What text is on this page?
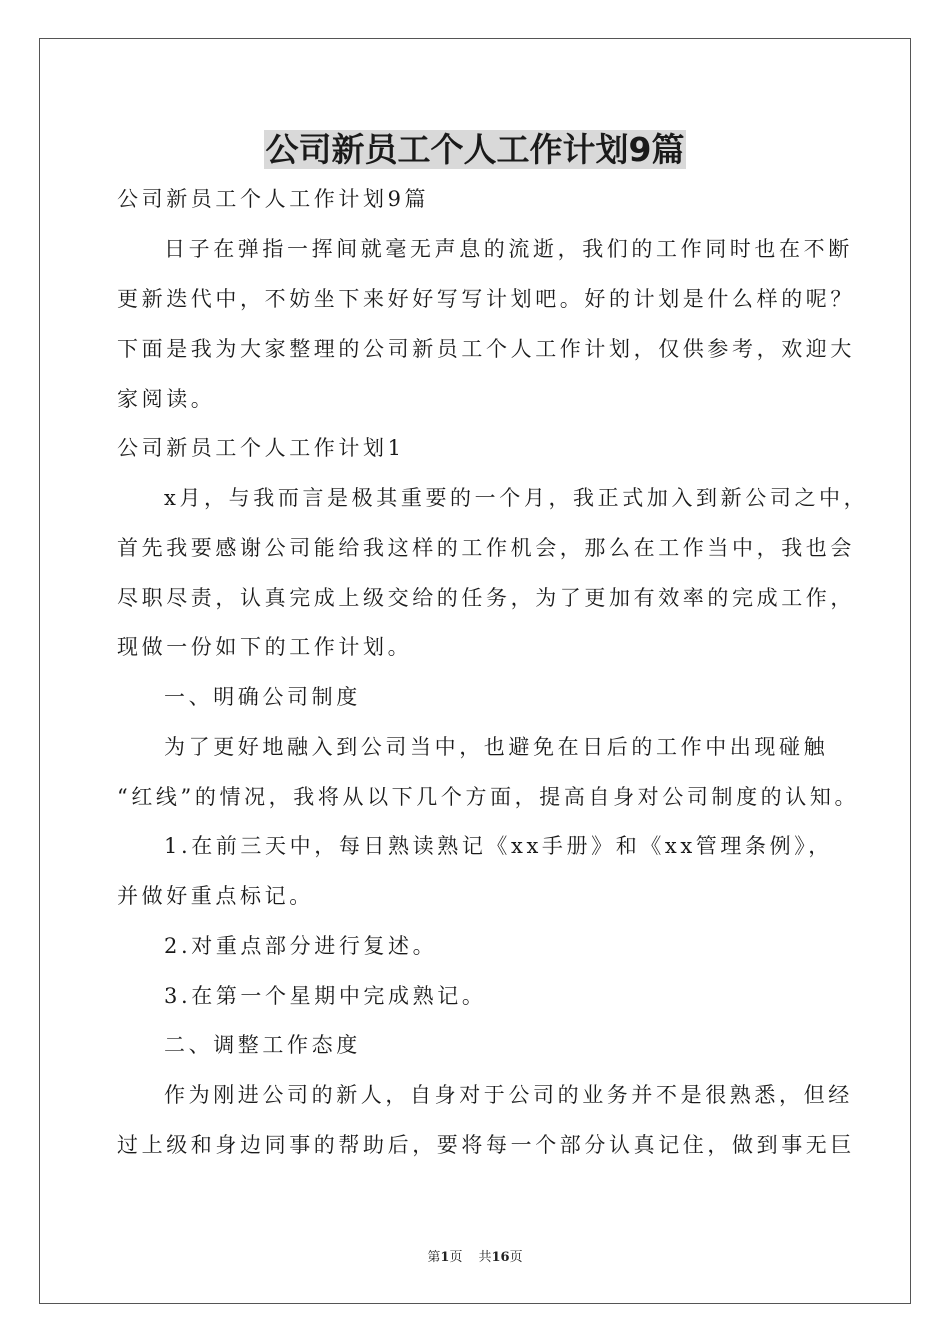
公司新员工个人工作计划9篇
公司新员工个人工作计划9篇
日子在弹指一挥间就毫无声息的流逝，我们的工作同时也在不断
更新迭代中，不妨坐下来好好写写计划吧。好的计划是什么样的呢？
下面是我为大家整理的公司新员工个人工作计划，仅供参考，欢迎大
家阅读。
公司新员工个人工作计划1
x月，与我而言是极其重要的一个月，我正式加入到新公司之中，
首先我要感谢公司能给我这样的工作机会，那么在工作当中，我也会
尽职尽责，认真完成上级交给的任务，为了更加有效率的完成工作，
现做一份如下的工作计划。
一、明确公司制度
为了更好地融入到公司当中，也避免在日后的工作中出现碰触
“红线”的情况，我将从以下几个方面，提高自身对公司制度的认知。
1.在前三天中，每日熟读熟记《xx手册》和《xx管理条例》，
并做好重点标记。
2.对重点部分进行复述。
3.在第一个星期中完成熟记。
二、调整工作态度
作为刚进公司的新人，自身对于公司的业务并不是很熟悉，但经
过上级和身边同事的帮助后，要将每一个部分认真记住，做到事无巨
第1页 共16页
